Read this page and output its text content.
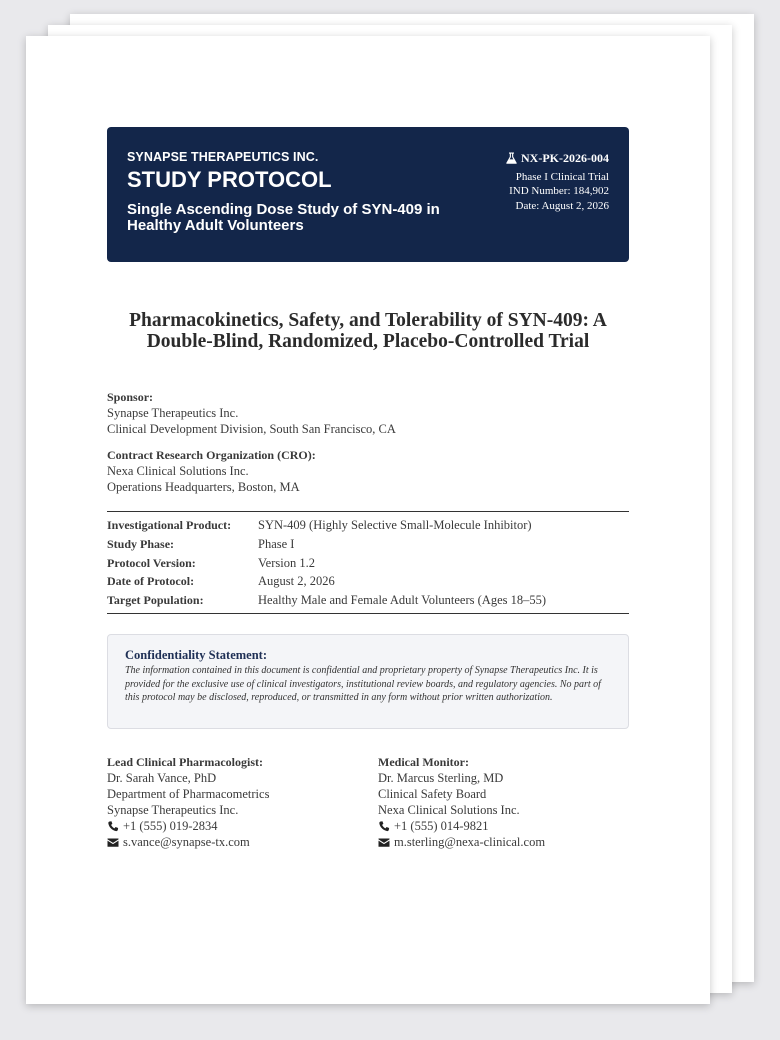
SYNAPSE THERAPEUTICS INC.
STUDY PROTOCOL
Single Ascending Dose Study of SYN-409 in Healthy Adult Volunteers
NX-PK-2026-004
Phase I Clinical Trial
IND Number: 184,902
Date: August 2, 2026
Pharmacokinetics, Safety, and Tolerability of SYN-409: A Double-Blind, Randomized, Placebo-Controlled Trial
Sponsor:
Synapse Therapeutics Inc.
Clinical Development Division, South San Francisco, CA
Contract Research Organization (CRO):
Nexa Clinical Solutions Inc.
Operations Headquarters, Boston, MA
Investigational Product:	SYN-409 (Highly Selective Small-Molecule Inhibitor)
Study Phase:	Phase I
Protocol Version:	Version 1.2
Date of Protocol:	August 2, 2026
Target Population:	Healthy Male and Female Adult Volunteers (Ages 18–55)
Confidentiality Statement:
The information contained in this document is confidential and proprietary property of Synapse Therapeutics Inc. It is provided for the exclusive use of clinical investigators, institutional review boards, and regulatory agencies. No part of this protocol may be disclosed, reproduced, or transmitted in any form without prior written authorization.
Lead Clinical Pharmacologist:
Dr. Sarah Vance, PhD
Department of Pharmacometrics
Synapse Therapeutics Inc.
+1 (555) 019-2834
s.vance@synapse-tx.com
Medical Monitor:
Dr. Marcus Sterling, MD
Clinical Safety Board
Nexa Clinical Solutions Inc.
+1 (555) 014-9821
m.sterling@nexa-clinical.com
